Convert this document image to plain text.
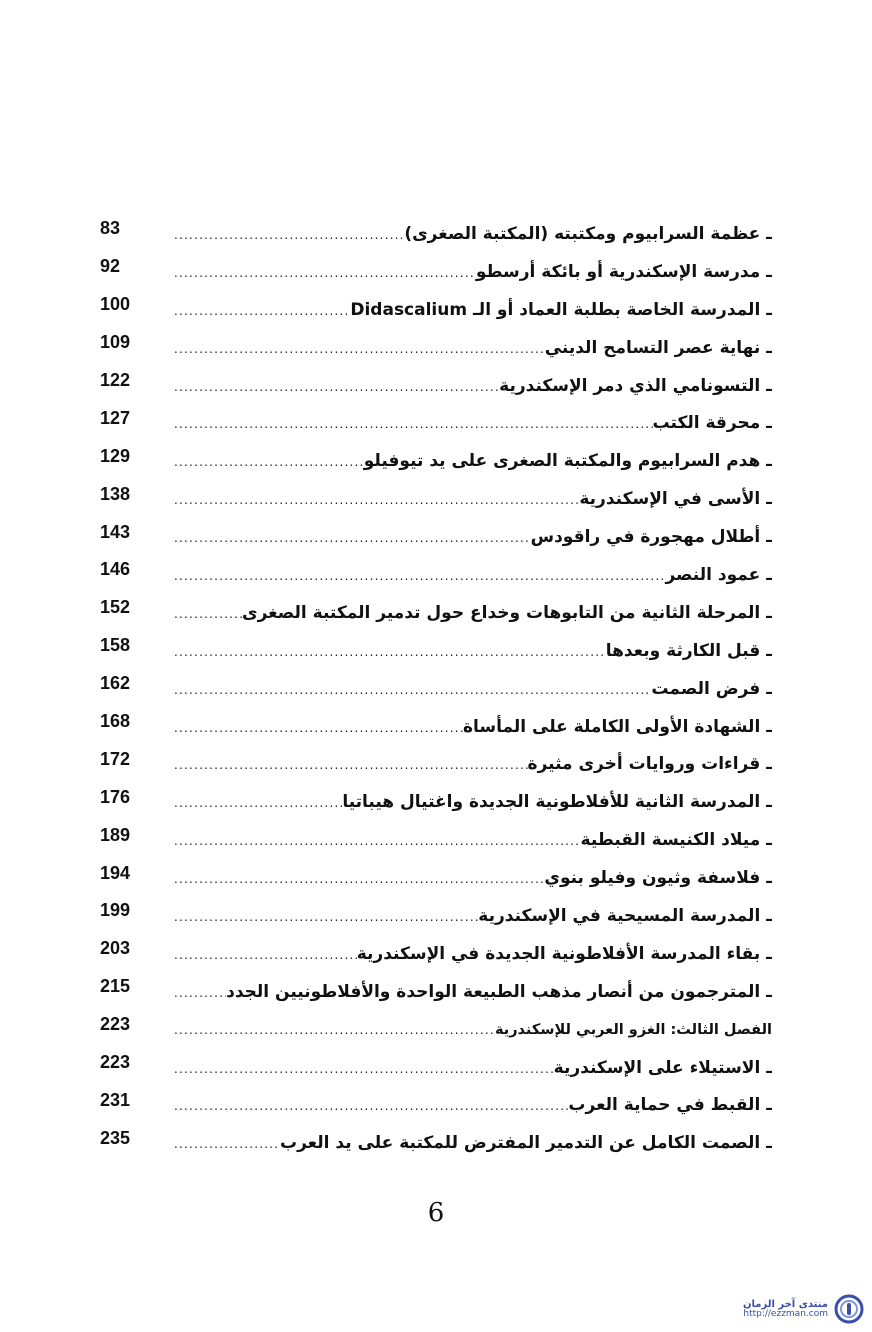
83	ـ عظمة السرابيوم ومكتبته (المكتبة الصغرى)
.....
92	ـ مدرسة الإسكندرية أو بائكة أرسطو
.....
100	ـ المدرسة الخاصة بطلبة العماد أو الـ Didascalium
.....
109	ـ نهاية عصر التسامح الديني
.....
122	ـ التسونامي الذي دمر الإسكندرية
.....
127	ـ محرقة الكتب
.....
129	ـ هدم السرابيوم والمكتبة الصغرى على يد تيوفيلو
.....
138	ـ الأسى في الإسكندرية
.....
143	ـ أطلال مهجورة في راقودس
.....
146	ـ عمود النصر
.....
152	ـ المرحلة الثانية من التابوهات وخداع حول تدمير المكتبة الصغرى
.....
158	ـ قبل الكارثة وبعدها
.....
162	ـ فرض الصمت
.....
168	ـ الشهادة الأولى الكاملة على المأساة
.....
172	ـ قراءات وروايات أخرى مثيرة
.....
176	ـ المدرسة الثانية للأفلاطونية الجديدة واغتيال هيباتيا
.....
189	ـ ميلاد الكنيسة القبطية
.....
194	ـ فلاسفة وثيون وفيلو بنوي
.....
199	ـ المدرسة المسيحية في الإسكندرية
.....
203	ـ بقاء المدرسة الأفلاطونية الجديدة في الإسكندرية
.....
215	ـ المترجمون من أنصار مذهب الطبيعة الواحدة والأفلاطونيين الجدد
.....
223	الفصل الثالث: الغزو العربي للإسكندرية
.....
223	ـ الاستيلاء على الإسكندرية
.....
231	ـ القبط في حماية العرب
.....
235	ـ الصمت الكامل عن التدمير المفترض للمكتبة على يد العرب
.....
6
منتدى آخر الزمان
http://ezzman.com
